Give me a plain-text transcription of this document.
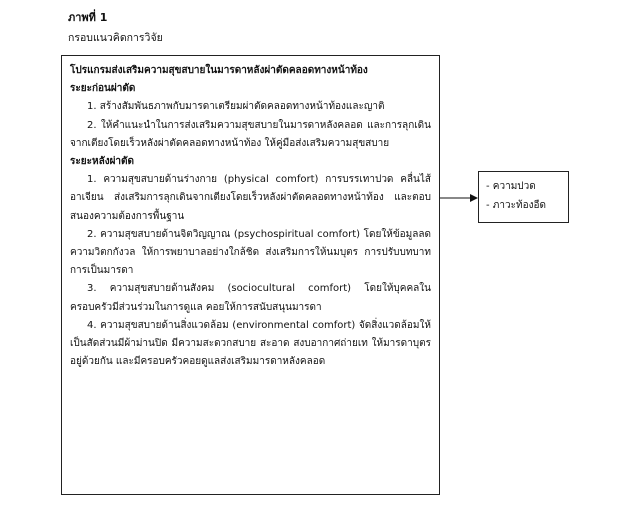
ภาพที่ 1
กรอบแนวคิดการวิจัย
โปรแกรมส่งเสริมความสุขสบายในมารดาหลังผ่าตัดคลอดทางหน้าท้อง
ระยะก่อนผ่าตัด
1. สร้างสัมพันธภาพกับมารดาเตรียมผ่าตัดคลอดทางหน้าท้องและญาติ
2. ให้คำแนะนำในการส่งเสริมความสุขสบายในมารดาหลังคลอด และการลุกเดินจากเตียงโดยเร็วหลังผ่าตัดคลอดทางหน้าท้อง ให้คู่มือส่งเสริมความสุขสบาย
ระยะหลังผ่าตัด
1. ความสุขสบายด้านร่างกาย (physical comfort) การบรรเทาปวด คลื่นไส้อาเจียน ส่งเสริมการลุกเดินจากเตียงโดยเร็วหลังผ่าตัดคลอดทางหน้าท้อง และตอบสนองความต้องการพื้นฐาน
2. ความสุขสบายด้านจิตวิญญาณ (psychospiritual comfort) โดยให้ข้อมูลลดความวิตกกังวล ให้การพยาบาลอย่างใกล้ชิด ส่งเสริมการให้นมบุตร การปรับบทบาทการเป็นมารดา
3. ความสุขสบายด้านสังคม (sociocultural comfort) โดยให้บุคคลในครอบครัวมีส่วนร่วมในการดูแล คอยให้การสนับสนุนมารดา
4. ความสุขสบายด้านสิ่งแวดล้อม (environmental comfort) จัดสิ่งแวดล้อมให้เป็นสัดส่วนมีผ้าม่านปิด มีความสะดวกสบาย สะอาด สงบอากาศถ่ายเท ให้มารดาบุตรอยู่ด้วยกัน และมีครอบครัวคอยดูแลส่งเสริมมารดาหลังคลอด
- ความปวด
- ภาวะท้องอืด
